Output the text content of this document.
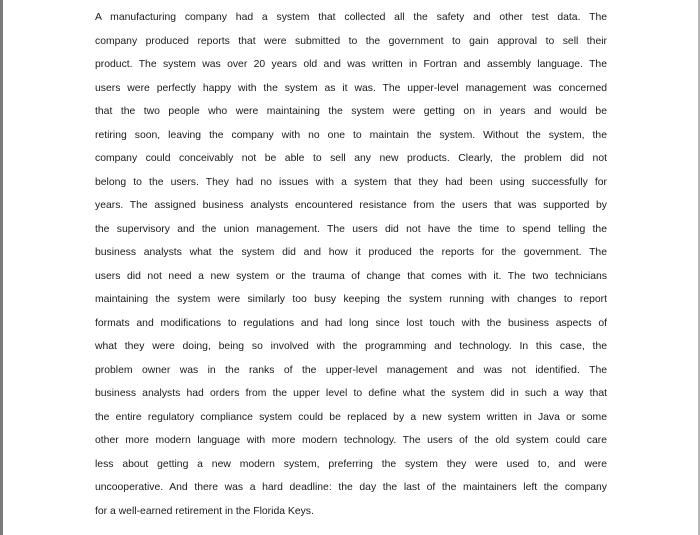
A manufacturing company had a system that collected all the safety and other test data. The
company produced reports that were submitted to the government to gain approval to sell their
product. The system was over 20 years old and was written in Fortran and assembly language. The
users were perfectly happy with the system as it was. The upper-level management was concerned
that the two people who were maintaining the system were getting on in years and would be
retiring soon, leaving the company with no one to maintain the system. Without the system, the
company could conceivably not be able to sell any new products. Clearly, the problem did not
belong to the users. They had no issues with a system that they had been using successfully for
years. The assigned business analysts encountered resistance from the users that was supported by
the supervisory and the union management. The users did not have the time to spend telling the
business analysts what the system did and how it produced the reports for the government. The
users did not need a new system or the trauma of change that comes with it. The two technicians
maintaining the system were similarly too busy keeping the system running with changes to report
formats and modifications to regulations and had long since lost touch with the business aspects of
what they were doing, being so involved with the programming and technology. In this case, the
problem owner was in the ranks of the upper-level management and was not identified. The
business analysts had orders from the upper level to define what the system did in such a way that
the entire regulatory compliance system could be replaced by a new system written in Java or some
other more modern language with more modern technology. The users of the old system could care
less about getting a new modern system, preferring the system they were used to, and were
uncooperative. And there was a hard deadline: the day the last of the maintainers left the company
for a well-earned retirement in the Florida Keys.
